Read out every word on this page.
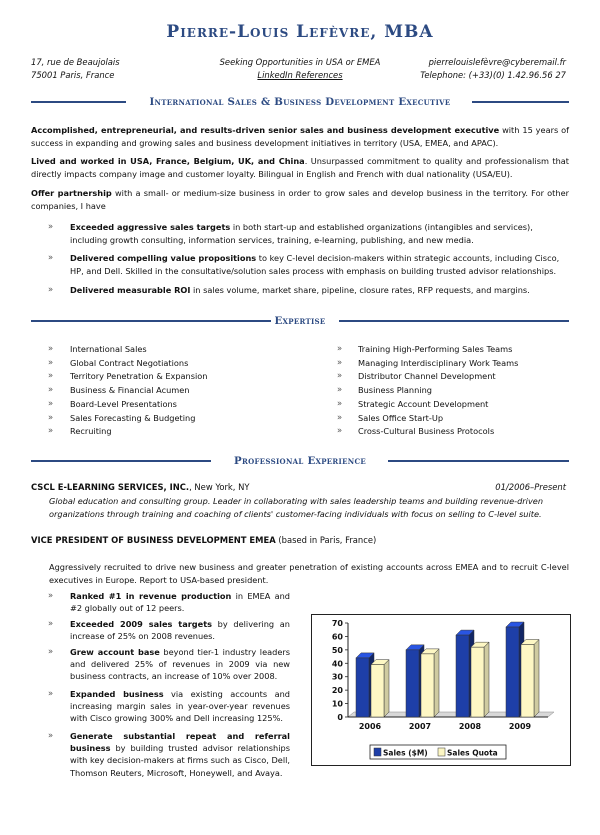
Pierre-Louis Lefèvre, MBA
17, rue de Beaujolais
75001 Paris, France
Seeking Opportunities in USA or EMEA
LinkedIn References
pierrelouislefèvre@cyberemail.fr
Telephone: (+33)(0) 1.42.96.56 27
International Sales & Business Development Executive
Accomplished, entrepreneurial, and results-driven senior sales and business development executive with 15 years of success in expanding and growing sales and business development initiatives in territory (USA, EMEA, and APAC).
Lived and worked in USA, France, Belgium, UK, and China. Unsurpassed commitment to quality and professionalism that directly impacts company image and customer loyalty. Bilingual in English and French with dual nationality (USA/EU).
Offer partnership with a small- or medium-size business in order to grow sales and develop business in the territory. For other companies, I have
» Exceeded aggressive sales targets in both start-up and established organizations (intangibles and services), including growth consulting, information services, training, e-learning, publishing, and new media.
» Delivered compelling value propositions to key C-level decision-makers within strategic accounts, including Cisco, HP, and Dell. Skilled in the consultative/solution sales process with emphasis on building trusted advisor relationships.
» Delivered measurable ROI in sales volume, market share, pipeline, closure rates, RFP requests, and margins.
Expertise
» International Sales
» Global Contract Negotiations
» Territory Penetration & Expansion
» Business & Financial Acumen
» Board-Level Presentations
» Sales Forecasting & Budgeting
» Recruiting
» Training High-Performing Sales Teams
» Managing Interdisciplinary Work Teams
» Distributor Channel Development
» Business Planning
» Strategic Account Development
» Sales Office Start-Up
» Cross-Cultural Business Protocols
Professional Experience
CSCL E-LEARNING SERVICES, INC., New York, NY	01/2006–Present
Global education and consulting group. Leader in collaborating with sales leadership teams and building revenue-driven organizations through training and coaching of clients' customer-facing individuals with focus on selling to C-level suite.
VICE PRESIDENT OF BUSINESS DEVELOPMENT EMEA (based in Paris, France)
Aggressively recruited to drive new business and greater penetration of existing accounts across EMEA and to recruit C-level executives in Europe. Report to USA-based president.
» Ranked #1 in revenue production in EMEA and #2 globally out of 12 peers.
» Exceeded 2009 sales targets by delivering an increase of 25% on 2008 revenues.
» Grew account base beyond tier-1 industry leaders and delivered 25% of revenues in 2009 via new business contracts, an increase of 10% over 2008.
» Expanded business via existing accounts and increasing margin sales in year-over-year revenues with Cisco growing 300% and Dell increasing 125%.
» Generate substantial repeat and referral business by building trusted advisor relationships with key decision-makers at firms such as Cisco, Dell, Thomson Reuters, Microsoft, Honeywell, and Avaya.
0
10
20
30
40
50
60
70
2006	2007	2008	2009
Sales ($M)	Sales Quota
